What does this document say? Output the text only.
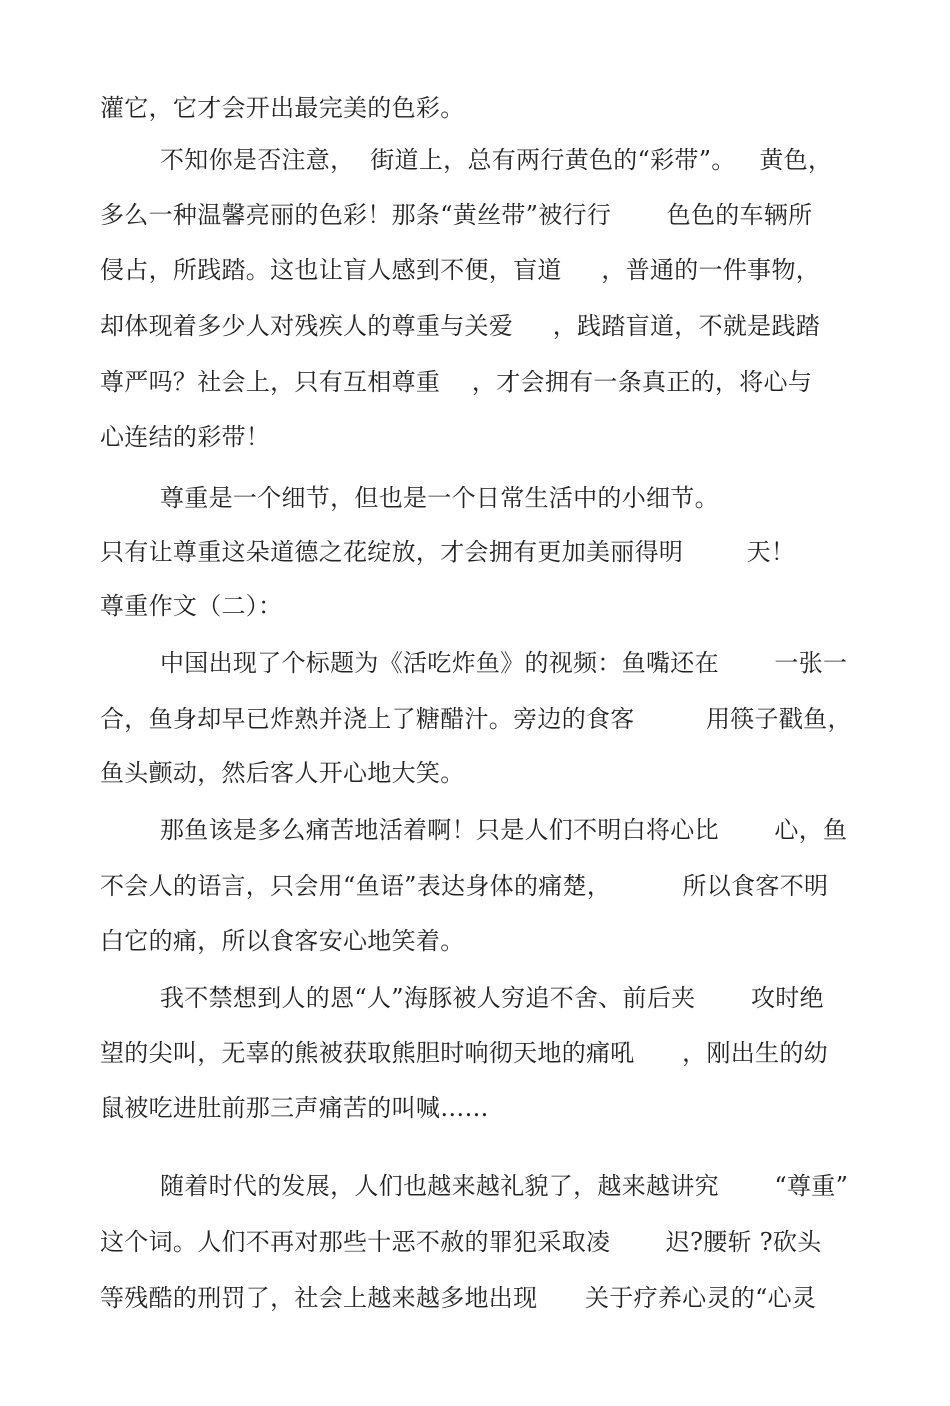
灌它，它才会开出最完美的色彩。
不知你是否注意，  街道上，总有两行黄色的“彩带”。   黄色，
多么一种温馨亮丽的色彩！那条“黄丝带”被行行       色色的车辆所
侵占，所践踏。这也让盲人感到不便，盲道     ，普通的一件事物，
却体现着多少人对残疾人的尊重与关爱     ，践踏盲道，不就是践踏
尊严吗？社会上，只有互相尊重    ，才会拥有一条真正的，将心与
心连结的彩带！
尊重是一个细节，但也是一个日常生活中的小细节。
只有让尊重这朵道德之花绽放，才会拥有更加美丽得明        天！
尊重作文（二）：
中国出现了个标题为《活吃炸鱼》的视频：鱼嘴还在       一张一
合，鱼身却早已炸熟并浇上了糖醋汁。旁边的食客         用筷子戳鱼，
鱼头颤动，然后客人开心地大笑。
那鱼该是多么痛苦地活着啊！只是人们不明白将心比       心，鱼
不会人的语言，只会用“鱼语”表达身体的痛楚，         所以食客不明
白它的痛，所以食客安心地笑着。
我不禁想到人的恩“人”海豚被人穷追不舍、前后夹       攻时绝
望的尖叫，无辜的熊被获取熊胆时响彻天地的痛吼      ，刚出生的幼
鼠被吃进肚前那三声痛苦的叫喊……
随着时代的发展，人们也越来越礼貌了，越来越讲究       “尊重”
这个词。人们不再对那些十恶不赦的罪犯采取凌       迟?腰斩 ?砍头
等残酷的刑罚了，社会上越来越多地出现      关于疗养心灵的“心灵
